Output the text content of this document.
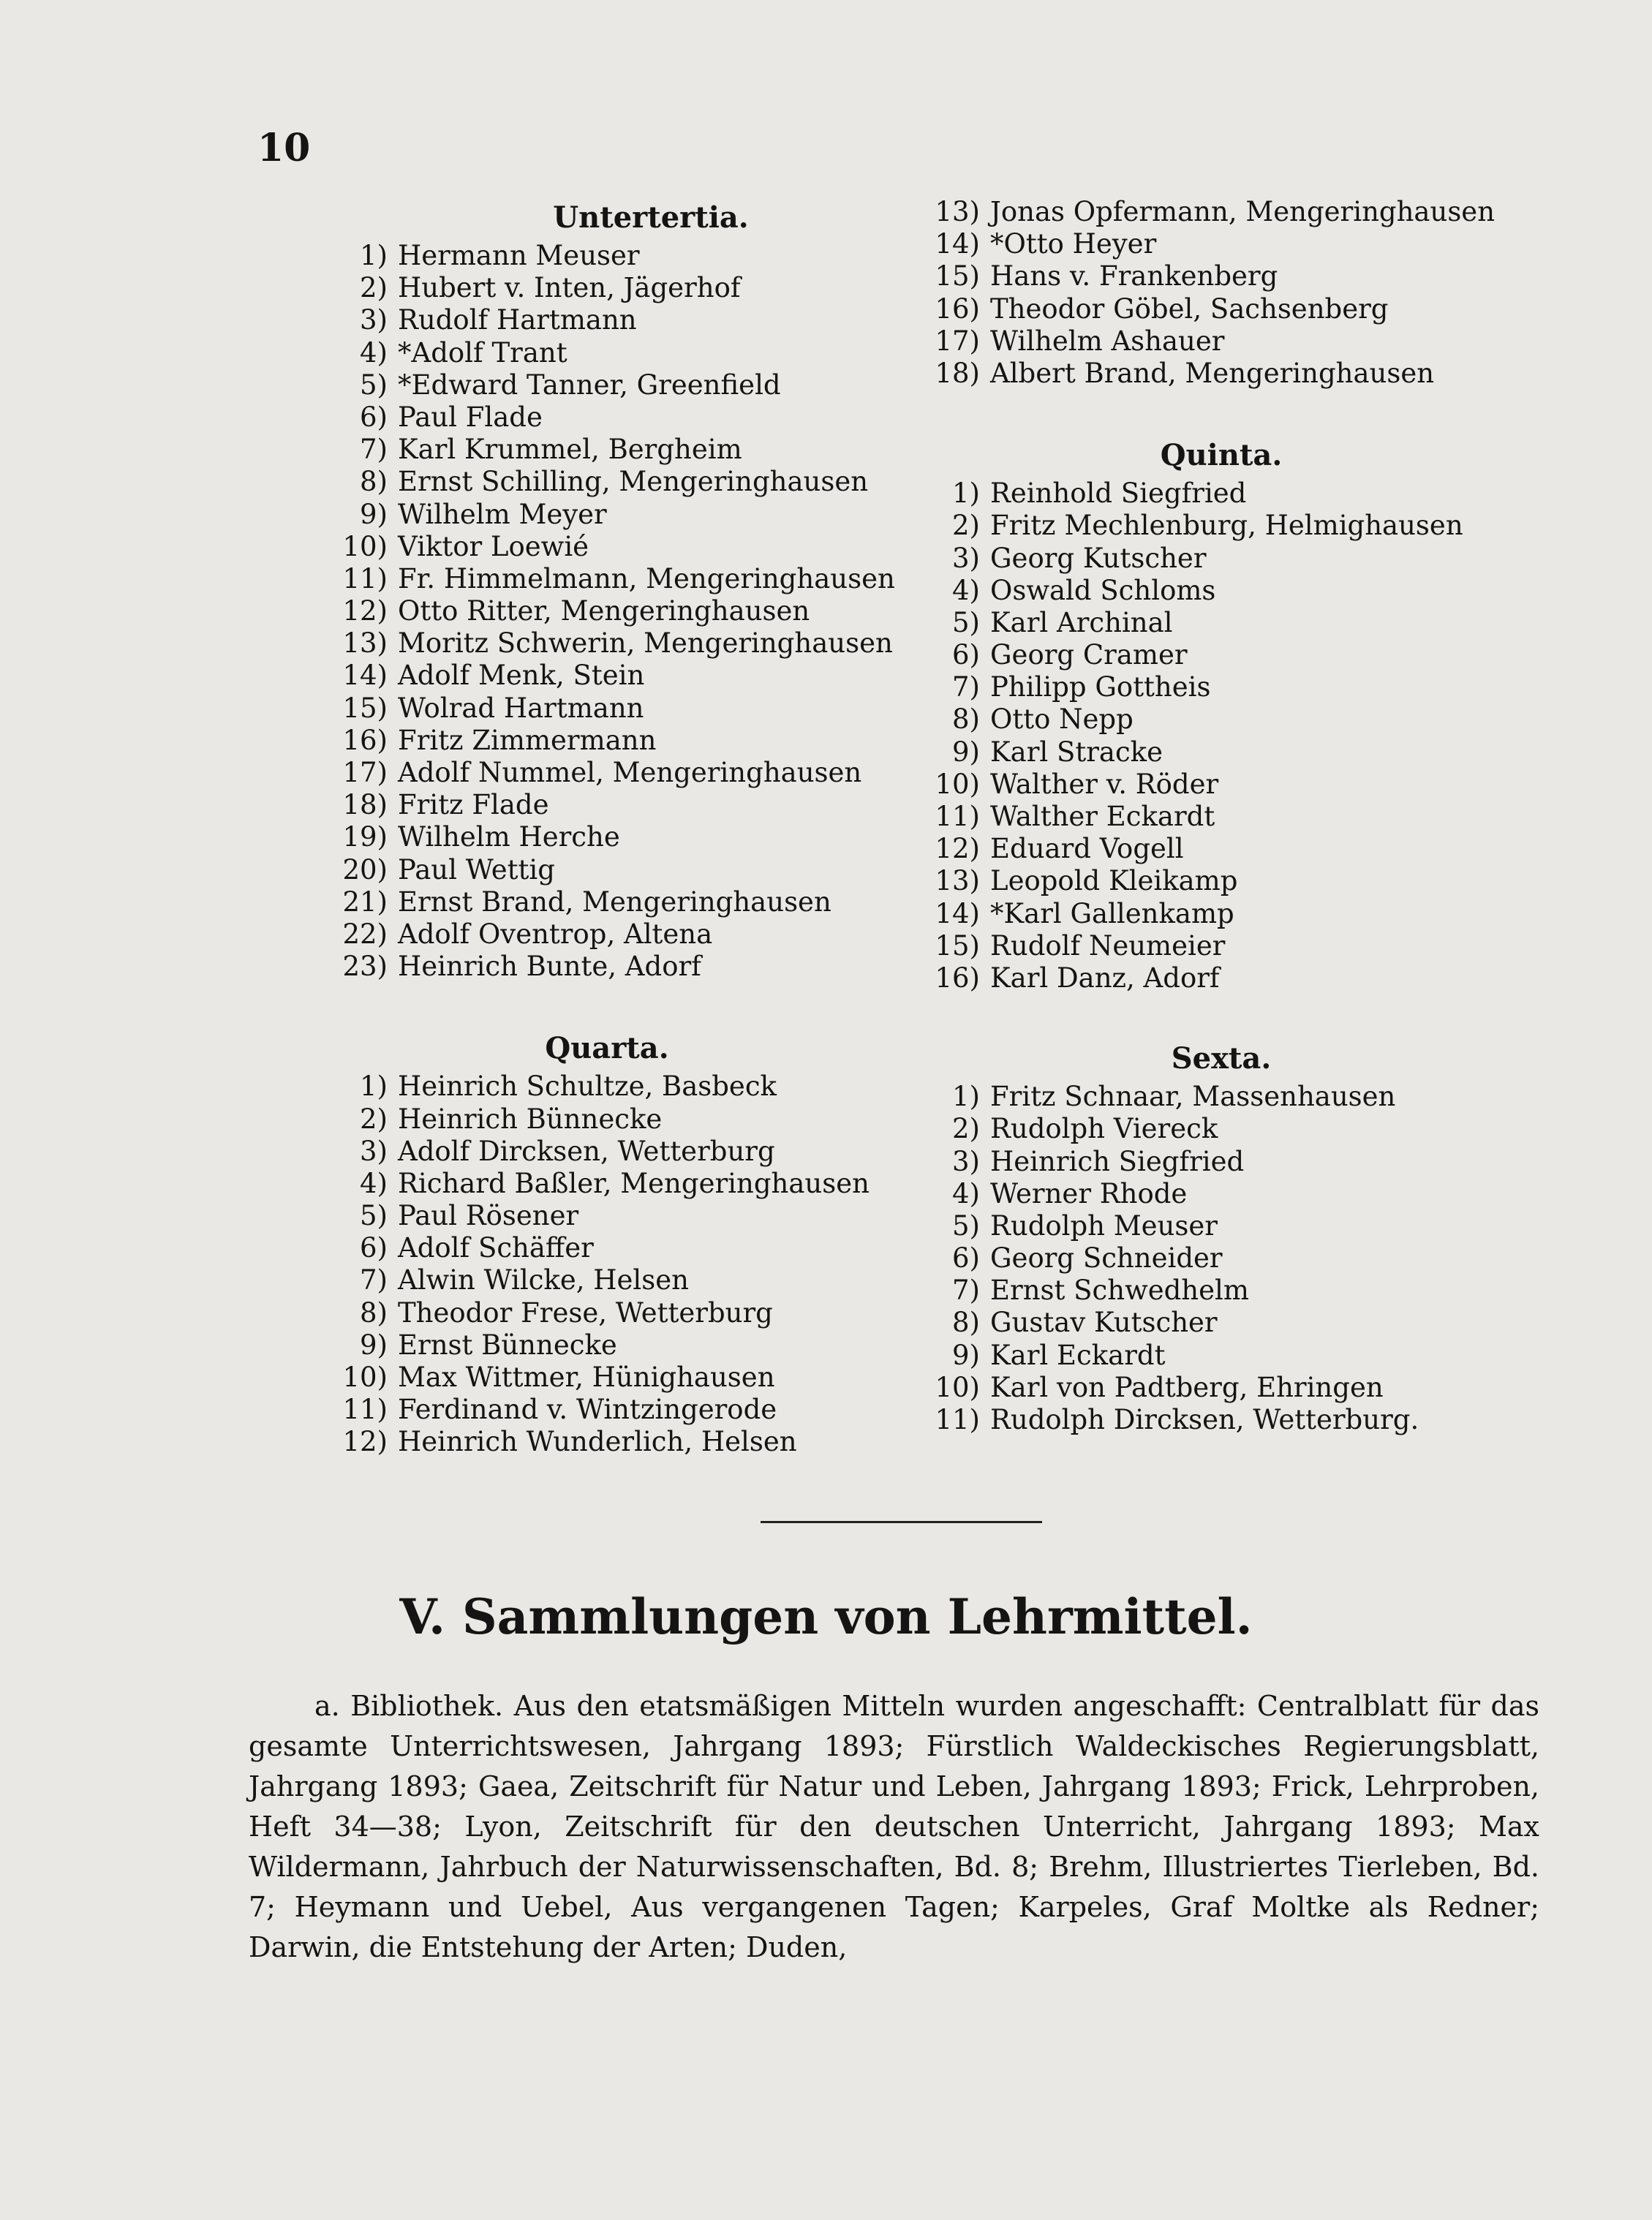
10
Untertertia.
1) Hermann Meuser
2) Hubert v. Inten, Jägerhof
3) Rudolf Hartmann
4) *Adolf Trant
5) *Edward Tanner, Greenfield
6) Paul Flade
7) Karl Krummel, Bergheim
8) Ernst Schilling, Mengeringhausen
9) Wilhelm Meyer
10) Viktor Loewié
11) Fr. Himmelmann, Mengeringhausen
12) Otto Ritter, Mengeringhausen
13) Moritz Schwerin, Mengeringhausen
14) Adolf Menk, Stein
15) Wolrad Hartmann
16) Fritz Zimmermann
17) Adolf Nummel, Mengeringhausen
18) Fritz Flade
19) Wilhelm Herche
20) Paul Wettig
21) Ernst Brand, Mengeringhausen
22) Adolf Oventrop, Altena
23) Heinrich Bunte, Adorf
Quarta.
1) Heinrich Schultze, Basbeck
2) Heinrich Bünnecke
3) Adolf Dircksen, Wetterburg
4) Richard Baßler, Mengeringhausen
5) Paul Rösener
6) Adolf Schäffer
7) Alwin Wilcke, Helsen
8) Theodor Frese, Wetterburg
9) Ernst Bünnecke
10) Max Wittmer, Hünighausen
11) Ferdinand v. Wintzingerode
12) Heinrich Wunderlich, Helsen
13) Jonas Opfermann, Mengeringhausen
14) *Otto Heyer
15) Hans v. Frankenberg
16) Theodor Göbel, Sachsenberg
17) Wilhelm Ashauer
18) Albert Brand, Mengeringhausen
Quinta.
1) Reinhold Siegfried
2) Fritz Mechlenburg, Helmighausen
3) Georg Kutscher
4) Oswald Schloms
5) Karl Archinal
6) Georg Cramer
7) Philipp Gottheis
8) Otto Nepp
9) Karl Stracke
10) Walther v. Röder
11) Walther Eckardt
12) Eduard Vogell
13) Leopold Kleikamp
14) *Karl Gallenkamp
15) Rudolf Neumeier
16) Karl Danz, Adorf
Sexta.
1) Fritz Schnaar, Massenhausen
2) Rudolph Viereck
3) Heinrich Siegfried
4) Werner Rhode
5) Rudolph Meuser
6) Georg Schneider
7) Ernst Schwedhelm
8) Gustav Kutscher
9) Karl Eckardt
10) Karl von Padtberg, Ehringen
11) Rudolph Dircksen, Wetterburg.
V. Sammlungen von Lehrmittel.

a. Bibliothek. Aus den etatsmäßigen Mitteln wurden angeschafft: Centralblatt für das gesamte Unterrichtswesen, Jahrgang 1893; Fürstlich Waldeckisches Regierungsblatt, Jahrgang 1893; Gaea, Zeitschrift für Natur und Leben, Jahrgang 1893; Frick, Lehrproben, Heft 34—38; Lyon, Zeitschrift für den deutschen Unterricht, Jahrgang 1893; Max Wildermann, Jahrbuch der Naturwissenschaften, Bd. 8; Brehm, Illustriertes Tierleben, Bd. 7; Heymann und Uebel, Aus vergangenen Tagen; Karpeles, Graf Moltke als Redner; Darwin, die Entstehung der Arten; Duden,
